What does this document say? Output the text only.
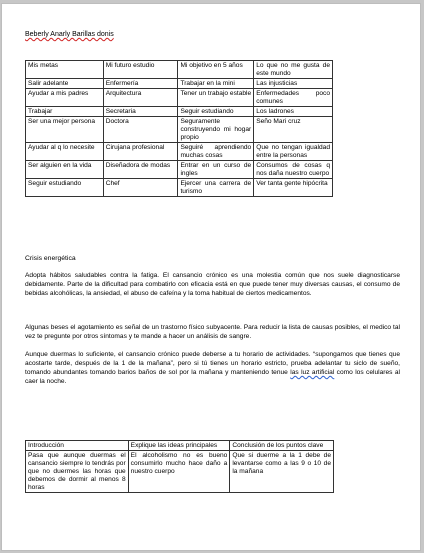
Beberly Anarly Barillas donis
Mis metas	Mi futuro estudio	Mi objetivo en 5 años	Lo que no me gusta de este mundo
Salir adelante	Enfermería	Trabajar en la mini	Las injusticias
Ayudar a mis padres	Arquitectura	Tener un trabajo estable	Enfermedades poco comunes
Trabajar	Secretaria	Seguir estudiando	Los ladrones
Ser una mejor persona	Doctora	Seguramente construyendo mi hogar propio	Seño Mari cruz
Ayudar al q lo necesite	Cirujana profesional	Seguiré aprendiendo muchas cosas	Que no tengan igualdad entre la personas
Ser alguien en la vida	Diseñadora de modas	Entrar en un curso de ingles	Consumos de cosas q nos daña nuestro cuerpo
Seguir estudiando	Chef	Ejercer una carrera de turismo	Ver tanta gente hipócrita
Crisis energética

Adopta hábitos saludables contra la fatiga. El cansancio crónico es una molestia común que nos suele diagnosticarse debidamente. Parte de la dificultad para combatirlo con eficacia está en que puede tener muy diversas causas, el consumo de bebidas alcohólicas, la ansiedad, el abuso de cafeína y la toma habitual de ciertos medicamentos.

Algunas beses el agotamiento es señal de un trastorno físico subyacente. Para reducir la lista de causas posibles, el medico tal vez te pregunte por otros síntomas y te mande a hacer un análisis de sangre.

Aunque duermas lo suficiente, el cansancio crónico puede deberse a tu horario de actividades. “supongamos que tienes que acostarte tarde, después de la 1 de la mañana”, pero si tú tienes un horario estricto, prueba adelantar tu siclo de sueño, tomando abundantes tomando barios baños de sol por la mañana y manteniendo tenue las luz artificial como los celulares al caer la noche.

Introducción	Explique las ideas principales	Conclusión de los puntos clave
Pasa que aunque duermas el cansancio siempre lo tendrás por que no duermes las horas que debemos de dormir al menos 8 horas	El alcoholismo no es bueno consumirlo mucho hace daño a nuestro cuerpo	Que si duerme a la 1 debe de levantarse como a las 9 o 10 de la mañana
